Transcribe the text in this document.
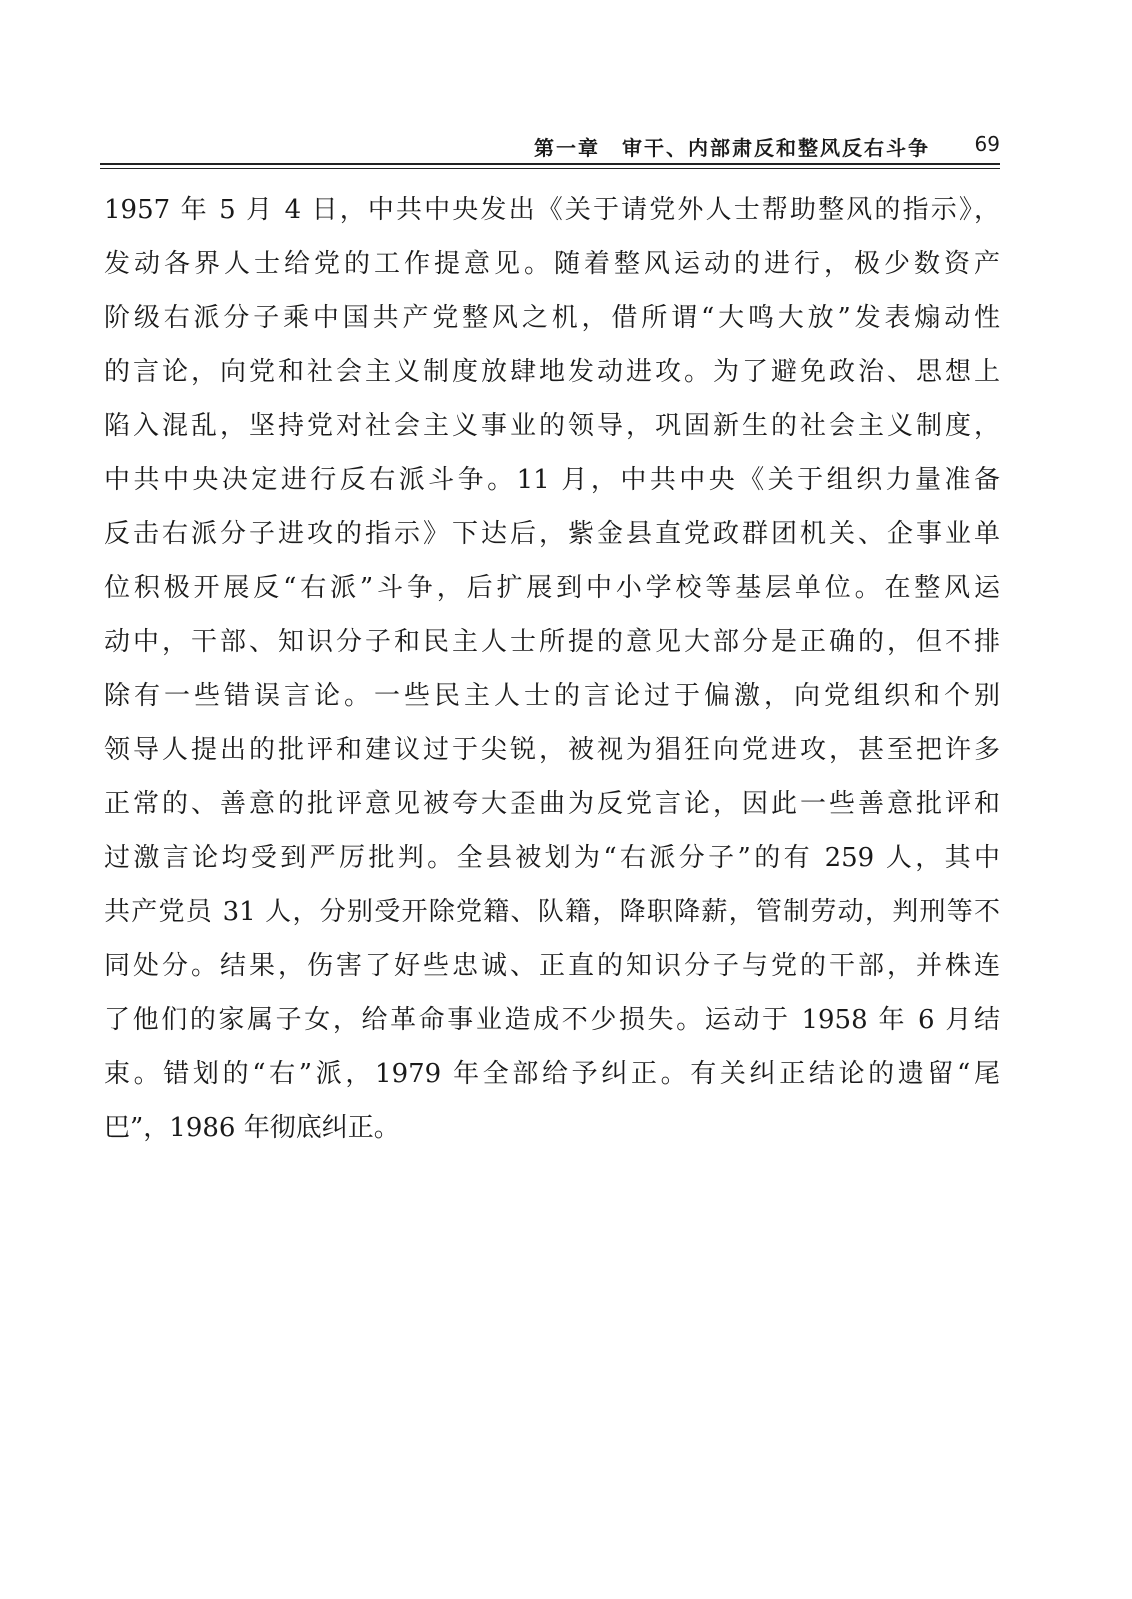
第一章　审干、内部肃反和整风反右斗争 69
1957 年 5 月 4 日，中共中央发出《关于请党外人士帮助整风的指示》，
发动各界人士给党的工作提意见。随着整风运动的进行，极少数资产
阶级右派分子乘中国共产党整风之机，借所谓“大鸣大放”发表煽动性
的言论，向党和社会主义制度放肆地发动进攻。为了避免政治、思想上
陷入混乱，坚持党对社会主义事业的领导，巩固新生的社会主义制度，
中共中央决定进行反右派斗争。11 月，中共中央《关于组织力量准备
反击右派分子进攻的指示》下达后，紫金县直党政群团机关、企事业单
位积极开展反“右派”斗争，后扩展到中小学校等基层单位。在整风运
动中，干部、知识分子和民主人士所提的意见大部分是正确的，但不排
除有一些错误言论。一些民主人士的言论过于偏激，向党组织和个别
领导人提出的批评和建议过于尖锐，被视为猖狂向党进攻，甚至把许多
正常的、善意的批评意见被夸大歪曲为反党言论，因此一些善意批评和
过激言论均受到严厉批判。全县被划为“右派分子”的有 259 人，其中
共产党员 31 人，分别受开除党籍、队籍，降职降薪，管制劳动，判刑等不
同处分。结果，伤害了好些忠诚、正直的知识分子与党的干部，并株连
了他们的家属子女，给革命事业造成不少损失。运动于 1958 年 6 月结
束。错划的“右”派，1979 年全部给予纠正。有关纠正结论的遗留“尾
巴”，1986 年彻底纠正。
